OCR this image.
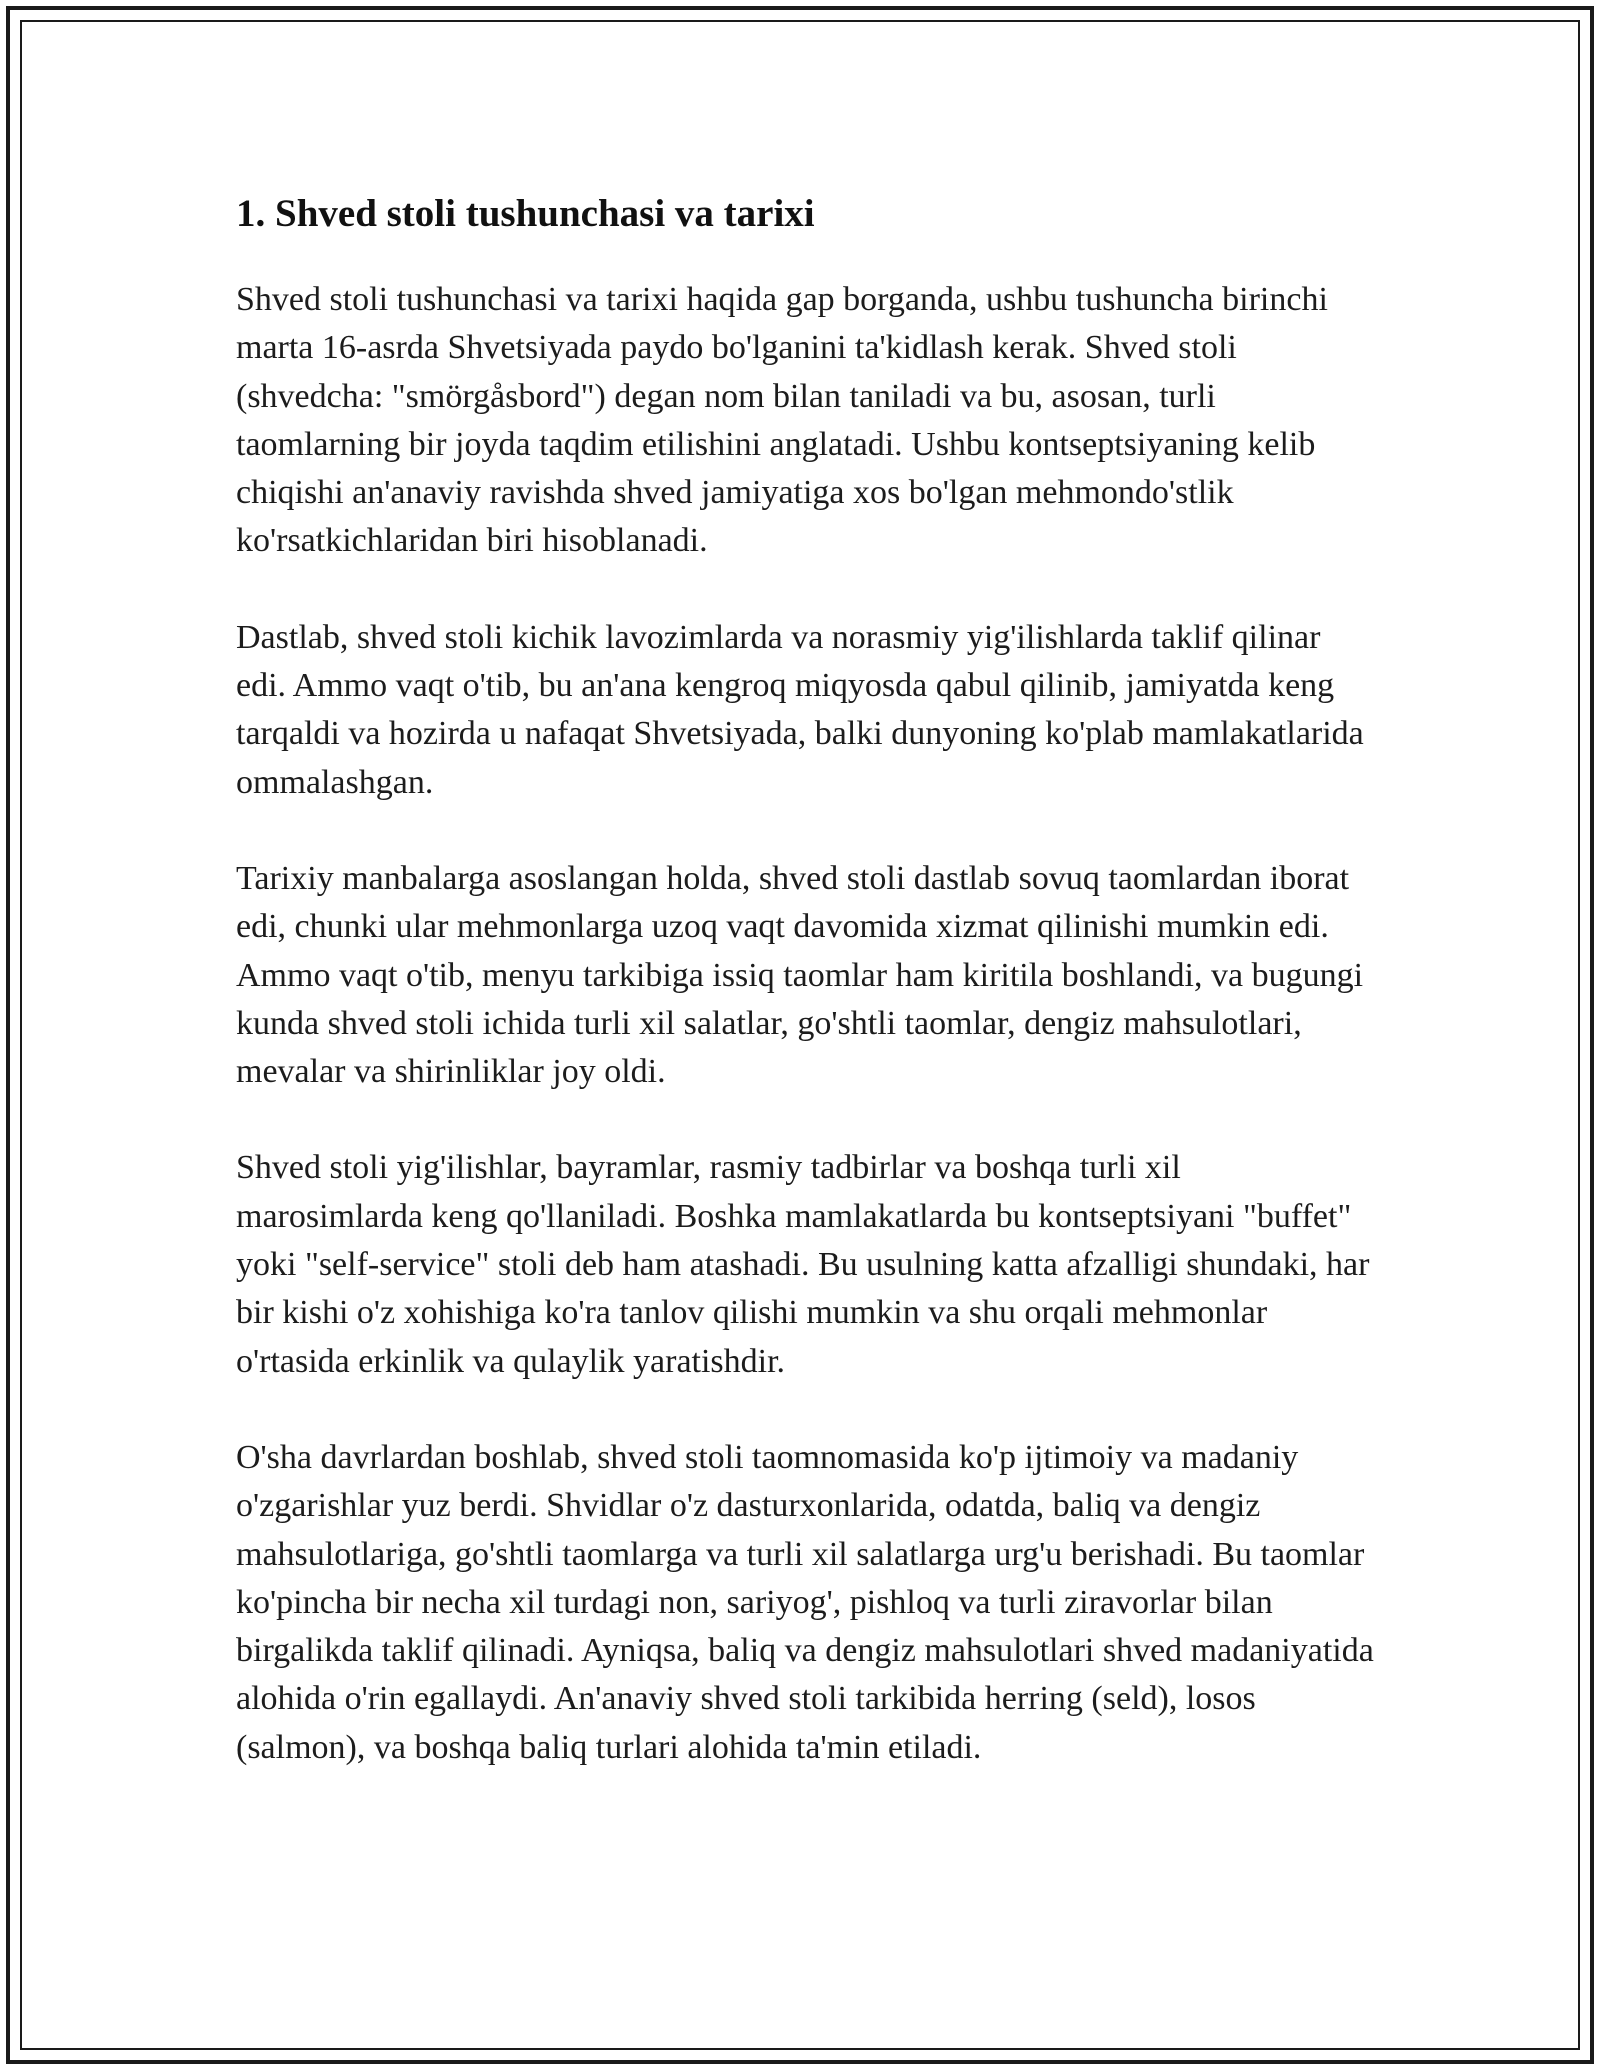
1. Shved stoli tushunchasi va tarixi

Shved stoli tushunchasi va tarixi haqida gap borganda, ushbu tushuncha birinchi marta 16-asrda Shvetsiyada paydo bo'lganini ta'kidlash kerak. Shved stoli (shvedcha: "smörgåsbord") degan nom bilan taniladi va bu, asosan, turli taomlarning bir joyda taqdim etilishini anglatadi. Ushbu kontseptsiyaning kelib chiqishi an'anaviy ravishda shved jamiyatiga xos bo'lgan mehmondo'stlik ko'rsatkichlaridan biri hisoblanadi.

Dastlab, shved stoli kichik lavozimlarda va norasmiy yig'ilishlarda taklif qilinar edi. Ammo vaqt o'tib, bu an'ana kengroq miqyosda qabul qilinib, jamiyatda keng tarqaldi va hozirda u nafaqat Shvetsiyada, balki dunyoning ko'plab mamlakatlarida ommalashgan.

Tarixiy manbalarga asoslangan holda, shved stoli dastlab sovuq taomlardan iborat edi, chunki ular mehmonlarga uzoq vaqt davomida xizmat qilinishi mumkin edi. Ammo vaqt o'tib, menyu tarkibiga issiq taomlar ham kiritila boshlandi, va bugungi kunda shved stoli ichida turli xil salatlar, go'shtli taomlar, dengiz mahsulotlari, mevalar va shirinliklar joy oldi.

Shved stoli yig'ilishlar, bayramlar, rasmiy tadbirlar va boshqa turli xil marosimlarda keng qo'llaniladi. Boshka mamlakatlarda bu kontseptsiyani "buffet" yoki "self-service" stoli deb ham atashadi. Bu usulning katta afzalligi shundaki, har bir kishi o'z xohishiga ko'ra tanlov qilishi mumkin va shu orqali mehmonlar o'rtasida erkinlik va qulaylik yaratishdir.

O'sha davrlardan boshlab, shved stoli taomnomasida ko'p ijtimoiy va madaniy o'zgarishlar yuz berdi. Shvidlar o'z dasturxonlarida, odatda, baliq va dengiz mahsulotlariga, go'shtli taomlarga va turli xil salatlarga urg'u berishadi. Bu taomlar ko'pincha bir necha xil turdagi non, sariyog', pishloq va turli ziravorlar bilan birgalikda taklif qilinadi. Ayniqsa, baliq va dengiz mahsulotlari shved madaniyatida alohida o'rin egallaydi. An'anaviy shved stoli tarkibida herring (seld), losos (salmon), va boshqa baliq turlari alohida ta'min etiladi.
